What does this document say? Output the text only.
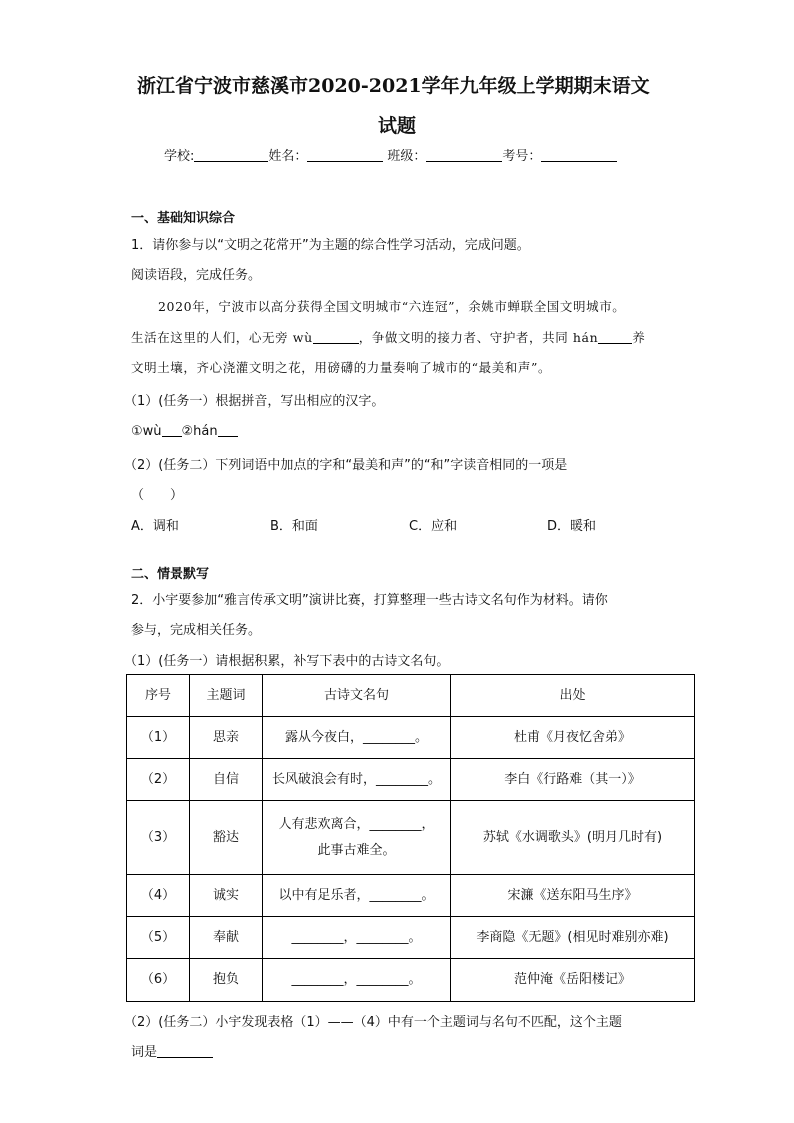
浙江省宁波市慈溪市2020-2021学年九年级上学期期末语文
试题
学校:	姓名：	班级：	考号：
一、基础知识综合
1．请你参与以“文明之花常开”为主题的综合性学习活动，完成问题。
阅读语段，完成任务。
2020年，宁波市以高分获得全国文明城市“六连冠”，余姚市蝉联全国文明城市。
生活在这里的人们，心无旁 wù	，争做文明的接力者、守护者，共同 hán	养
文明土壤，齐心浇灌文明之花，用磅礴的力量奏响了城市的“最美和声”。
（1）(任务一）根据拼音，写出相应的汉字。
①wù ②hán
（2）(任务二）下列词语中加点的字和“最美和声”的“和”字读音相同的一项是
（　　）
A．调和	B．和面	C．应和	D．暖和
二、情景默写
2．小宇要参加“雅言传承文明”演讲比赛，打算整理一些古诗文名句作为材料。请你
参与，完成相关任务。
（1）(任务一）请根据积累，补写下表中的古诗文名句。
序号	主题词	古诗文名句	出处
（1）	思亲	露从今夜白，________。	杜甫《月夜忆舍弟》
（2）	自信	长风破浪会有时，________。	李白《行路难（其一）》
（3）	豁达	人有悲欢离合，________，
此事古难全。	苏轼《水调歌头》(明月几时有)
（4）	诚实	以中有足乐者，________。	宋濂《送东阳马生序》
（5）	奉献	________，________。	李商隐《无题》(相见时难别亦难)
（6）	抱负	________，________。	范仲淹《岳阳楼记》
（2）(任务二）小宇发现表格（1）——（4）中有一个主题词与名句不匹配，这个主题
词是
